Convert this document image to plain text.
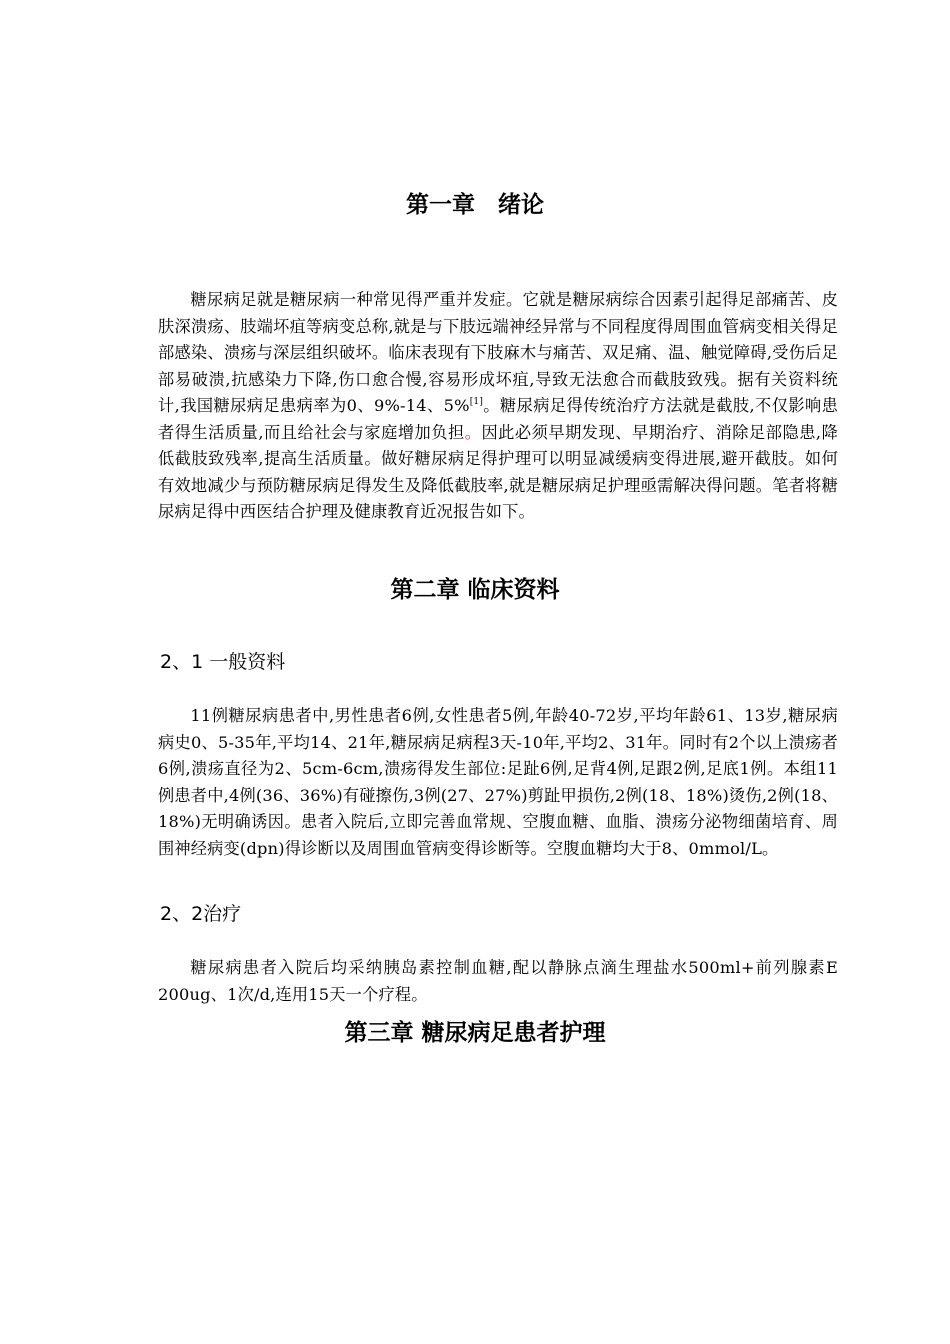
第一章　绪论

糖尿病足就是糖尿病一种常见得严重并发症。它就是糖尿病综合因素引起得足部痛苦、皮肤深溃疡、肢端坏疽等病变总称,就是与下肢远端神经异常与不同程度得周围血管病变相关得足部感染、溃疡与深层组织破坏。临床表现有下肢麻木与痛苦、双足痛、温、触觉障碍,受伤后足部易破溃,抗感染力下降,伤口愈合慢,容易形成坏疽,导致无法愈合而截肢致残。据有关资料统计,我国糖尿病足患病率为0、9%-14、5%[1]。糖尿病足得传统治疗方法就是截肢,不仅影响患者得生活质量,而且给社会与家庭增加负担。因此必须早期发现、早期治疗、消除足部隐患,降低截肢致残率,提高生活质量。做好糖尿病足得护理可以明显减缓病变得进展,避开截肢。如何有效地减少与预防糖尿病足得发生及降低截肢率,就是糖尿病足护理亟需解决得问题。笔者将糖尿病足得中西医结合护理及健康教育近况报告如下。

第二章 临床资料
2、1 一般资料

11例糖尿病患者中,男性患者6例,女性患者5例,年龄40-72岁,平均年龄61、13岁,糖尿病病史0、5-35年,平均14、21年,糖尿病足病程3天-10年,平均2、31年。同时有2个以上溃疡者6例,溃疡直径为2、5cm-6cm,溃疡得发生部位:足趾6例,足背4例,足跟2例,足底1例。本组11例患者中,4例(36、36%)有碰擦伤,3例(27、27%)剪趾甲损伤,2例(18、18%)烫伤,2例(18、18%)无明确诱因。患者入院后,立即完善血常规、空腹血糖、血脂、溃疡分泌物细菌培育、周围神经病变(dpn)得诊断以及周围血管病变得诊断等。空腹血糖均大于8、0mmol/L。

2、2治疗

糖尿病患者入院后均采纳胰岛素控制血糖,配以静脉点滴生理盐水500ml+前列腺素E 200ug、1次/d,连用15天一个疗程。

第三章 糖尿病足患者护理
